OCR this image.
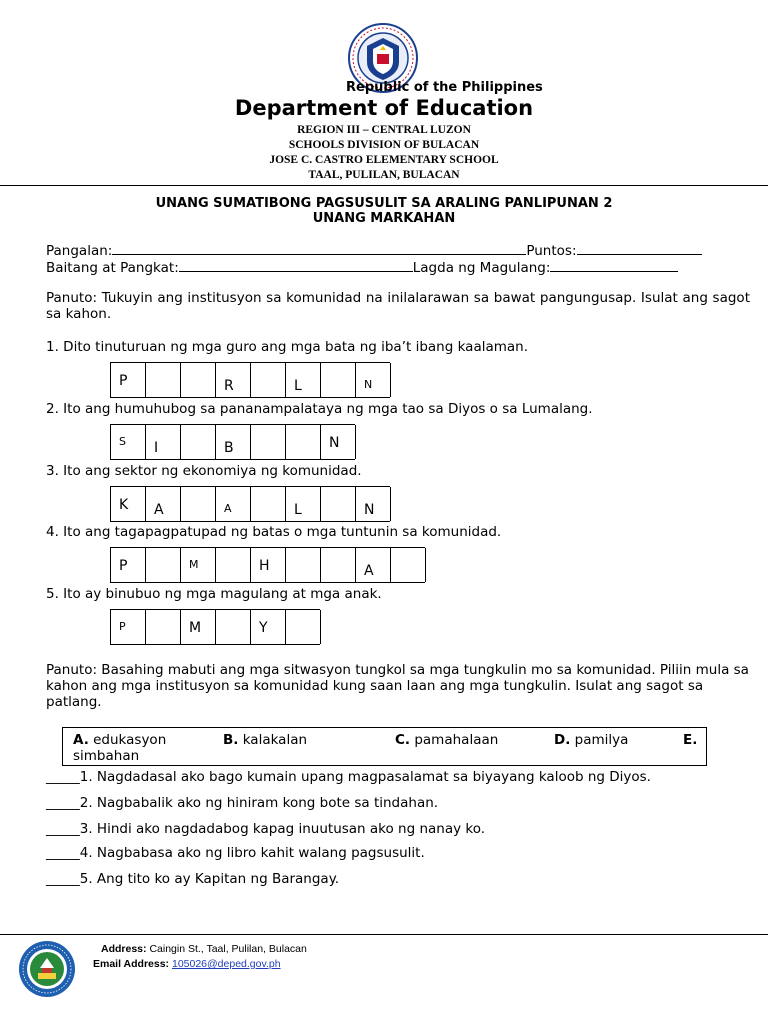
Republic of the Philippines
Department of Education
REGION III – CENTRAL LUZON
SCHOOLS DIVISION OF BULACAN
JOSE C. CASTRO ELEMENTARY SCHOOL
TAAL, PULILAN, BULACAN
UNANG SUMATIBONG PAGSUSULIT SA ARALING PANLIPUNAN 2
UNANG MARKAHAN
Pangalan:	Puntos:
Baitang at Pangkat:	Lagda ng Magulang:
Panuto: Tukuyin ang institusyon sa komunidad na inilalarawan sa bawat pangungusap. Isulat ang sagot sa kahon.
1. Dito tinuturuan ng mga guro ang mga bata ng iba’t ibang kaalaman.
P	R	L	N
2. Ito ang humuhubog sa pananampalataya ng mga tao sa Diyos o sa Lumalang.
S I	B	N
3. Ito ang sektor ng ekonomiya ng komunidad.
K A	A	L	N
4. Ito ang tagapagpatupad ng batas o mga tuntunin sa komunidad.
P	M	H	A
5. Ito ay binubuo ng mga magulang at mga anak.
P	M	Y
Panuto: Basahing mabuti ang mga sitwasyon tungkol sa mga tungkulin mo sa komunidad. Piliin mula sa kahon ang mga institusyon sa komunidad kung saan laan ang mga tungkulin. Isulat ang sagot sa patlang.
A. edukasyon	B. kalakalan	C. pamahalaan	D. pamilya	E.
simbahan
_____1. Nagdadasal ako bago kumain upang magpasalamat sa biyayang kaloob ng Diyos.
_____2. Nagbabalik ako ng hiniram kong bote sa tindahan.
_____3. Hindi ako nagdadabog kapag inuutusan ako ng nanay ko.
_____4. Nagbabasa ako ng libro kahit walang pagsusulit.
_____5. Ang tito ko ay Kapitan ng Barangay.
Address: Caingin St., Taal, Pulilan, Bulacan
Email Address: 105026@deped.gov.ph
